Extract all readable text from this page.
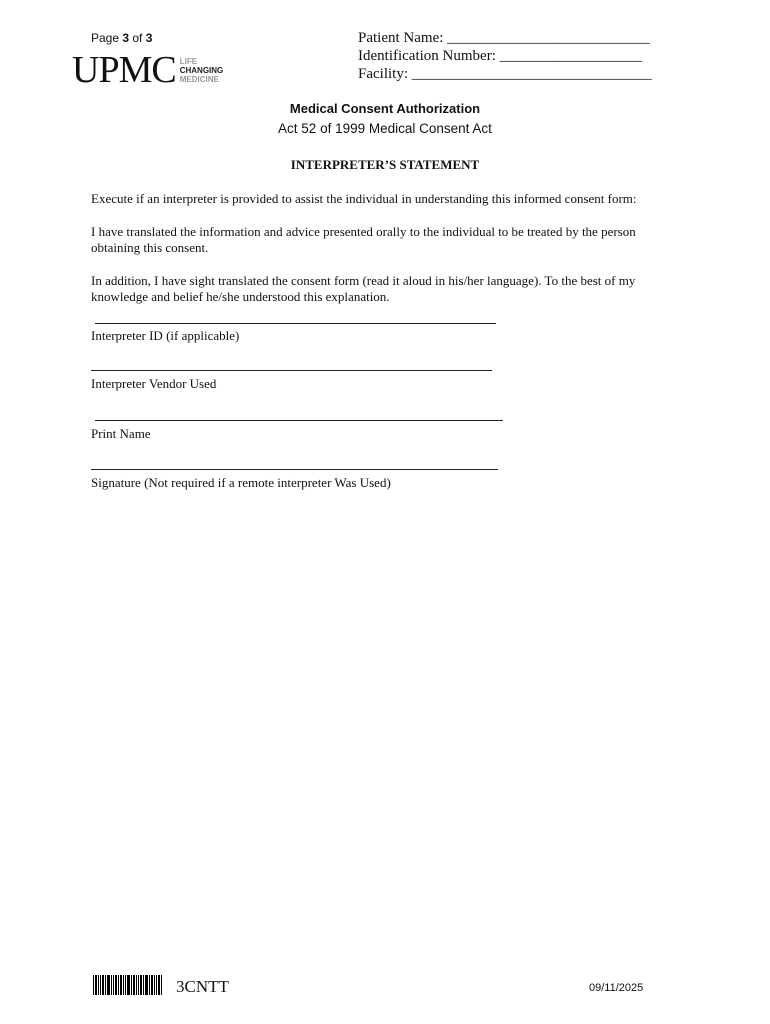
Page 3 of 3
UPMC LIFE
CHANGING
MEDICINE
Patient Name: ___________________________
Identification Number: ___________________
Facility: ________________________________
Medical Consent Authorization
Act 52 of 1999 Medical Consent Act
INTERPRETER’S STATEMENT
Execute if an interpreter is provided to assist the individual in understanding this informed consent form:
I have translated the information and advice presented orally to the individual to be treated by the person obtaining this consent.
In addition, I have sight translated the consent form (read it aloud in his/her language). To the best of my knowledge and belief he/she understood this explanation.
Interpreter ID (if applicable)
Interpreter Vendor Used
Print Name
Signature (Not required if a remote interpreter Was Used)
3CNTT	09/11/2025
